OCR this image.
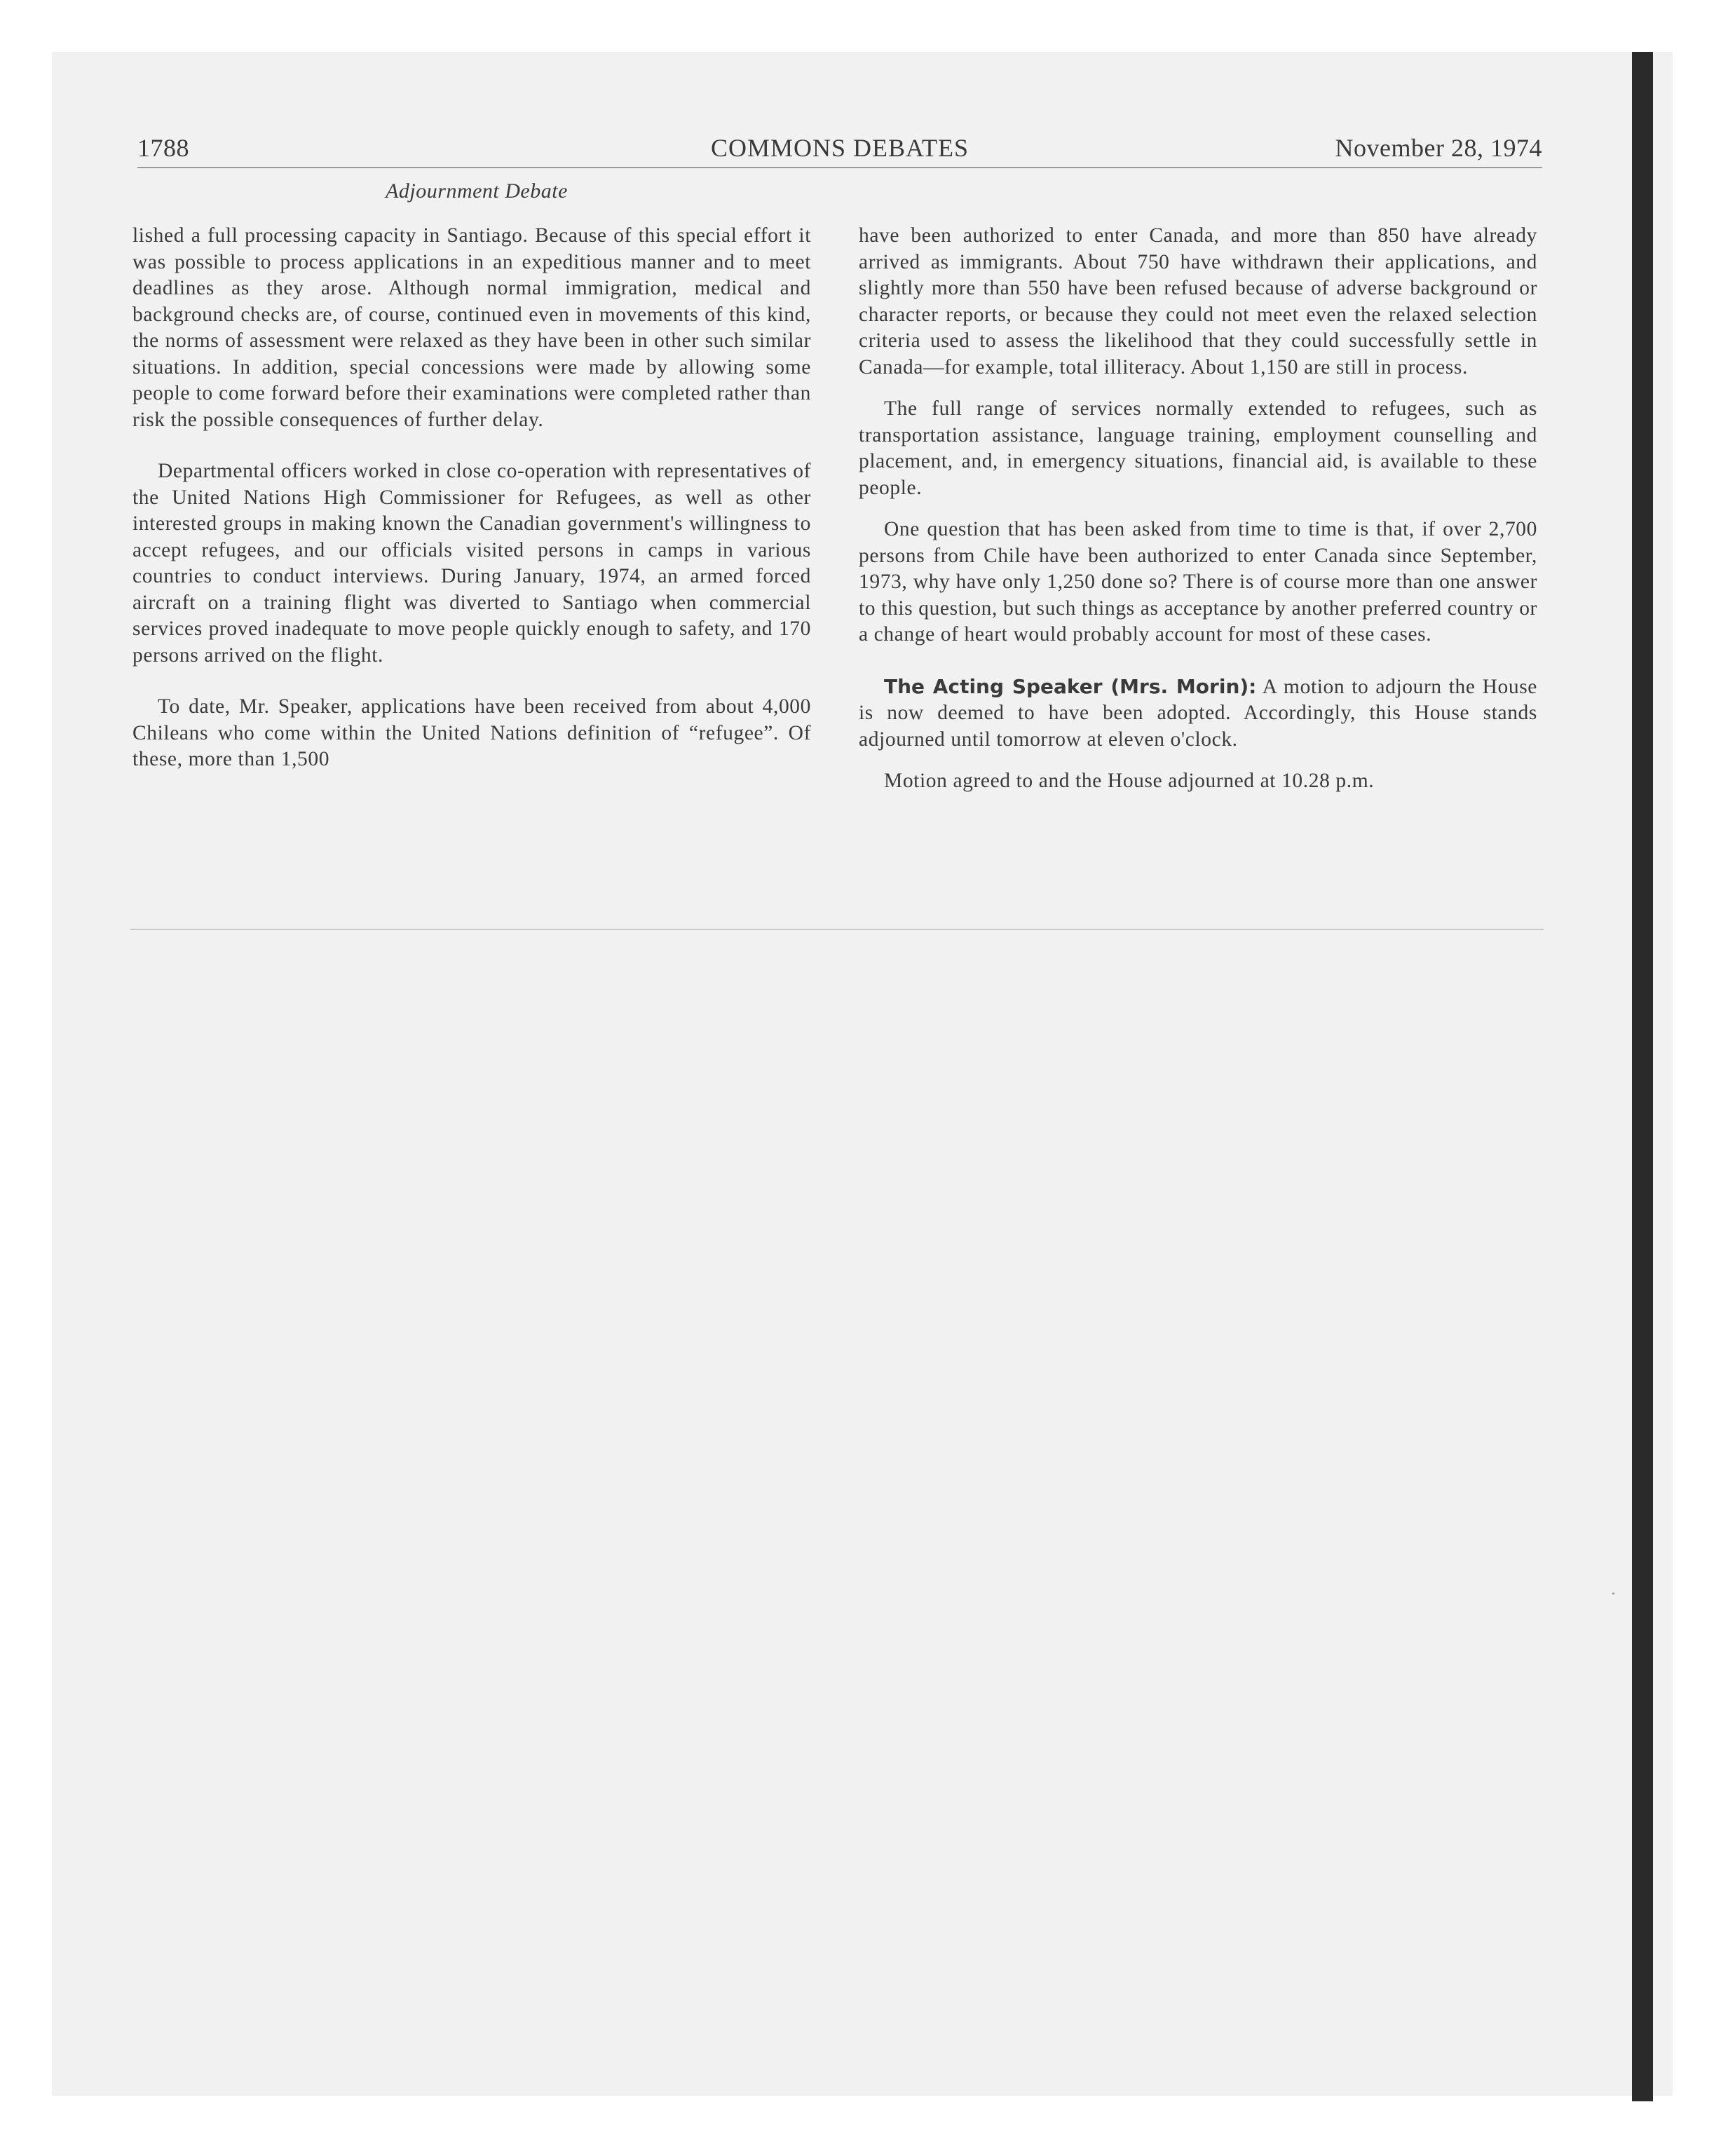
1788	COMMONS DEBATES	November 28, 1974
Adjournment Debate

lished a full processing capacity in Santiago. Because of this special effort it was possible to process applications in an expeditious manner and to meet deadlines as they arose. Although normal immigration, medical and background checks are, of course, continued even in movements of this kind, the norms of assessment were relaxed as they have been in other such similar situations. In addition, special concessions were made by allowing some people to come forward before their examinations were completed rather than risk the possible consequences of further delay.

Departmental officers worked in close co-operation with representatives of the United Nations High Commissioner for Refugees, as well as other interested groups in making known the Canadian government's willingness to accept refugees, and our officials visited persons in camps in various countries to conduct interviews. During January, 1974, an armed forced aircraft on a training flight was diverted to Santiago when commercial services proved inadequate to move people quickly enough to safety, and 170 persons arrived on the flight.

To date, Mr. Speaker, applications have been received from about 4,000 Chileans who come within the United Nations definition of “refugee”. Of these, more than 1,500

have been authorized to enter Canada, and more than 850 have already arrived as immigrants. About 750 have withdrawn their applications, and slightly more than 550 have been refused because of adverse background or character reports, or because they could not meet even the relaxed selection criteria used to assess the likelihood that they could successfully settle in Canada—for example, total illiteracy. About 1,150 are still in process.

The full range of services normally extended to refugees, such as transportation assistance, language training, employment counselling and placement, and, in emergency situations, financial aid, is available to these people.

One question that has been asked from time to time is that, if over 2,700 persons from Chile have been authorized to enter Canada since September, 1973, why have only 1,250 done so? There is of course more than one answer to this question, but such things as acceptance by another preferred country or a change of heart would probably account for most of these cases.

The Acting Speaker (Mrs. Morin): A motion to adjourn the House is now deemed to have been adopted. Accordingly, this House stands adjourned until tomorrow at eleven o'clock.

Motion agreed to and the House adjourned at 10.28 p.m.
